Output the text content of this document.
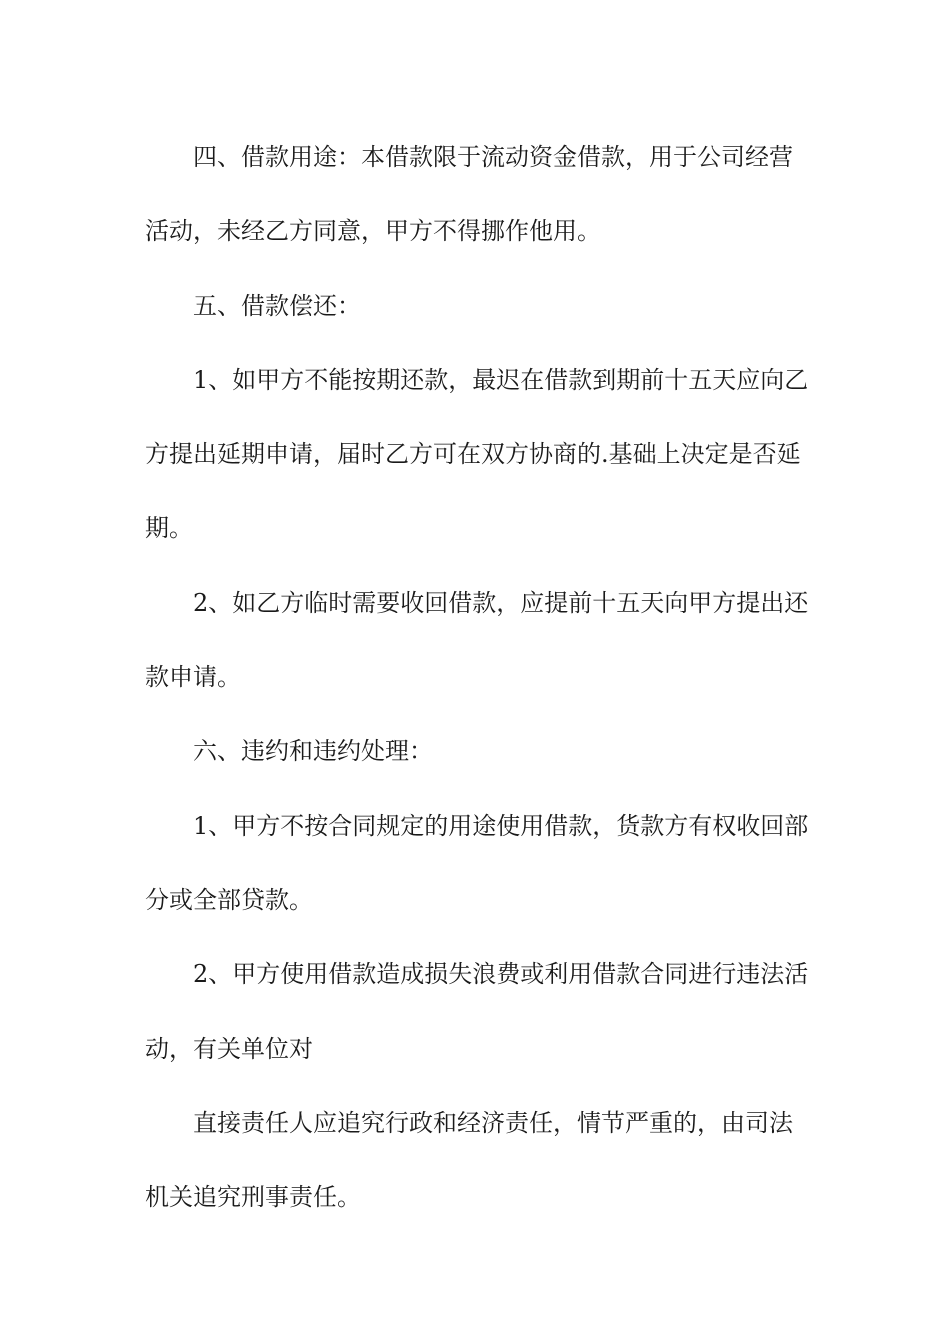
四、借款用途：本借款限于流动资金借款，用于公司经营
活动，未经乙方同意，甲方不得挪作他用。
五、借款偿还：
1、如甲方不能按期还款，最迟在借款到期前十五天应向乙
方提出延期申请，届时乙方可在双方协商的.基础上决定是否延
期。
2、如乙方临时需要收回借款，应提前十五天向甲方提出还
款申请。
六、违约和违约处理：
1、甲方不按合同规定的用途使用借款，货款方有权收回部
分或全部贷款。
2、甲方使用借款造成损失浪费或利用借款合同进行违法活
动，有关单位对
直接责任人应追究行政和经济责任，情节严重的，由司法
机关追究刑事责任。
